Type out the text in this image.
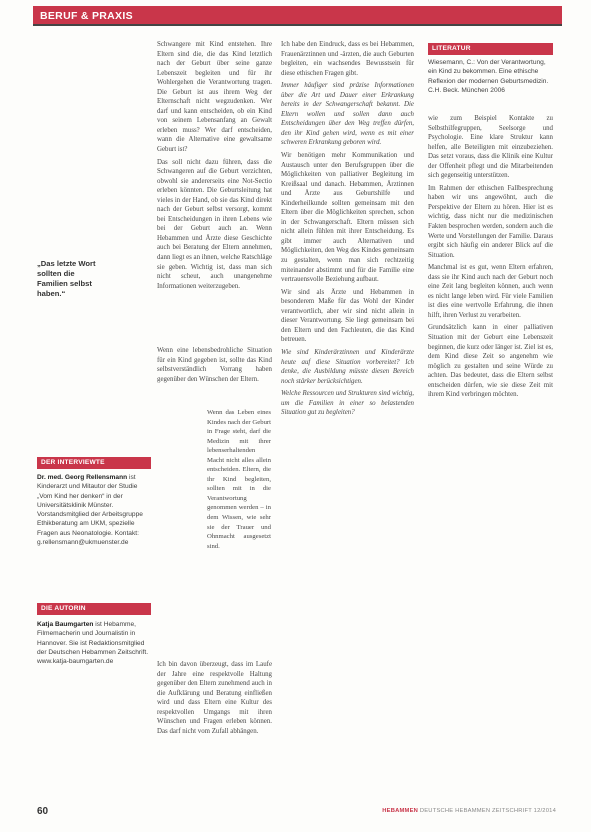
BERUF & PRAXIS
„Das letzte Wort sollten die Familien selbst haben.“
DER INTERVIEWTE
Dr. med. Georg Rellensmann ist Kinderarzt und Mitautor der Studie „Vom Kind her denken“ in der Universitätsklinik Münster. Vorstandsmitglied der Arbeitsgruppe Ethikberatung am UKM, spezielle Fragen aus Neonatologie. Kontakt: g.rellensmann@ukmuenster.de
DIE AUTORIN
Katja Baumgarten ist Hebamme, Filmemacherin und Journalistin in Hannover. Sie ist Redaktionsmitglied der Deutschen Hebammen Zeitschrift. www.katja-baumgarten.de
LITERATUR
Wiesemann, C.: Von der Verantwortung, ein Kind zu bekommen. Eine ethische Reflexion der modernen Geburtsmedizin. C.H. Beck. München 2006

Schwangere mit Kind entstehen. Ihre Eltern sind die, die das Kind letztlich nach der Geburt über seine ganze Lebenszeit begleiten und für ihr Wohlergehen die Verantwortung tragen. Die Geburt ist aus ihrem Weg der Elternschaft nicht wegzudenken. Wer darf und kann entscheiden, ob ein Kind von seinem Lebensanfang an Gewalt erleben muss? Wer darf entscheiden, wann die Alternative eine gewaltsame Geburt ist?

Das soll nicht dazu führen, dass die Schwangeren auf die Geburt verzichten, obwohl sie andererseits eine Not-Sectio erleben könnten. Die Geburtsleitung hat vieles in der Hand, ob sie das Kind direkt nach der Geburt selbst versorgt, kommt bei Entscheidungen in ihren Lebens wie bei der Geburt auch an. Wenn Hebammen und Ärzte diese Geschichte auch bei Beratung der Eltern annehmen, dann liegt es an ihnen, welche Ratschläge sie geben. Wichtig ist, dass man sich nicht scheut, auch unangenehme Informationen weiterzugeben.

Wenn eine lebensbedrohliche Situation für ein Kind gegeben ist, sollte das Kind selbstverständlich Vorrang haben gegenüber den Wünschen der Eltern.
Wenn das Leben eines Kindes nach der Geburt in Frage steht, darf die Medizin mit ihrer lebenserhaltenden Macht nicht alles allein entscheiden. Eltern, die ihr Kind begleiten, sollten mit in die Verantwortung genommen werden – in dem Wissen, wie sehr sie der Trauer und Ohnmacht ausgesetzt sind.
Ich bin davon überzeugt, dass im Laufe der Jahre eine respektvolle Haltung gegenüber den Eltern zunehmend auch in die Aufklärung und Beratung einfließen wird und dass Eltern eine Kultur des respektvollen Umgangs mit ihren Wünschen und Fragen erleben können. Das darf nicht vom Zufall abhängen.

Ich habe den Eindruck, dass es bei Hebammen, Frauenärztinnen und -ärzten, die auch Geburten begleiten, ein wachsendes Bewusstsein für diese ethischen Fragen gibt.

Immer häufiger sind präzise Informationen über die Art und Dauer einer Erkrankung bereits in der Schwangerschaft bekannt. Die Eltern wollen und sollen dann auch Entscheidungen über den Weg treffen dürfen, den ihr Kind gehen wird, wenn es mit einer schweren Erkrankung geboren wird.

Wir benötigen mehr Kommunikation und Austausch unter den Berufsgruppen über die Möglichkeiten von palliativer Begleitung im Kreißsaal und danach. Hebammen, Ärztinnen und Ärzte aus Geburtshilfe und Kinderheilkunde sollten gemeinsam mit den Eltern über die Möglichkeiten sprechen, schon in der Schwangerschaft. Eltern müssen sich nicht allein fühlen mit ihrer Entscheidung. Es gibt immer auch Alternativen und Möglichkeiten, den Weg des Kindes gemeinsam zu gestalten, wenn man sich rechtzeitig miteinander abstimmt und für die Familie eine vertrauensvolle Beziehung aufbaut.

Wir sind als Ärzte und Hebammen in besonderem Maße für das Wohl der Kinder verantwortlich, aber wir sind nicht allein in dieser Verantwortung. Sie liegt gemeinsam bei den Eltern und den Fachleuten, die das Kind betreuen.

Wie sind Kinderärztinnen und Kinderärzte heute auf diese Situation vorbereitet? Ich denke, die Ausbildung müsste diesen Bereich noch stärker berücksichtigen.

Welche Ressourcen und Strukturen sind wichtig, um die Familien in einer so belastenden Situation gut zu begleiten?

wie zum Beispiel Kontakte zu Selbsthilfegruppen, Seelsorge und Psychologie. Eine klare Struktur kann helfen, alle Beteiligten mit einzubeziehen. Das setzt voraus, dass die Klinik eine Kultur der Offenheit pflegt und die Mitarbeitenden sich gegenseitig unterstützen.

Im Rahmen der ethischen Fallbesprechung haben wir uns angewöhnt, auch die Perspektive der Eltern zu hören. Hier ist es wichtig, dass nicht nur die medizinischen Fakten besprochen werden, sondern auch die Werte und Vorstellungen der Familie. Daraus ergibt sich häufig ein anderer Blick auf die Situation.

Manchmal ist es gut, wenn Eltern erfahren, dass sie ihr Kind auch nach der Geburt noch eine Zeit lang begleiten können, auch wenn es nicht lange leben wird. Für viele Familien ist dies eine wertvolle Erfahrung, die ihnen hilft, ihren Verlust zu verarbeiten.

Grundsätzlich kann in einer palliativen Situation mit der Geburt eine Lebenszeit beginnen, die kurz oder länger ist. Ziel ist es, dem Kind diese Zeit so angenehm wie möglich zu gestalten und seine Würde zu achten. Das bedeutet, dass die Eltern selbst entscheiden dürfen, wie sie diese Zeit mit ihrem Kind verbringen möchten.

60	HEBAMMEN DEUTSCHE HEBAMMEN ZEITSCHRIFT 12/2014
